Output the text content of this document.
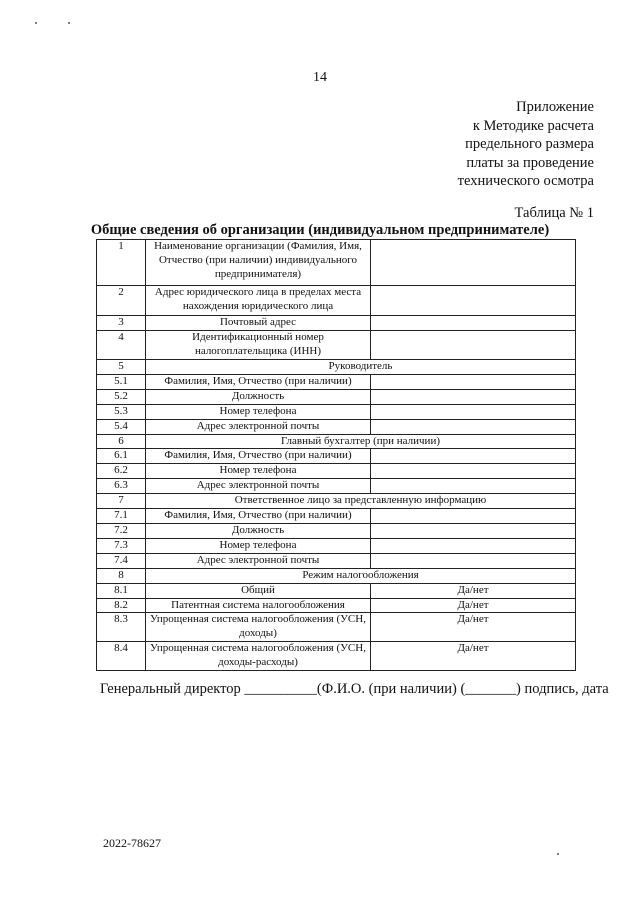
14
Приложение
к Методике расчета
предельного размера
платы за проведение
технического осмотра
Таблица № 1
Общие сведения об организации (индивидуальном предпринимателе)
1	Наименование организации (Фамилия, Имя, Отчество (при наличии) индивидуального предпринимателя)	
2	Адрес юридического лица в пределах места нахождения юридического лица	
3	Почтовый адрес	
4	Идентификационный номер налогоплательщика (ИНН)	
5	Руководитель	
5.1	Фамилия, Имя, Отчество (при наличии)	
5.2	Должность	
5.3	Номер телефона	
5.4	Адрес электронной почты	
6	Главный бухгалтер (при наличии)	
6.1	Фамилия, Имя, Отчество (при наличии)	
6.2	Номер телефона	
6.3	Адрес электронной почты	
7	Ответственное лицо за представленную информацию	
7.1	Фамилия, Имя, Отчество (при наличии)	
7.2	Должность	
7.3	Номер телефона	
7.4	Адрес электронной почты	
8	Режим налогообложения	
8.1	Общий	Да/нет
8.2	Патентная система налогообложения	Да/нет
8.3	Упрощенная система налогообложения (УСН, доходы)	Да/нет
8.4	Упрощенная система налогообложения (УСН, доходы-расходы)	Да/нет
Генеральный директор __________(Ф.И.О. (при наличии) (_______) подпись, дата
2022-78627
